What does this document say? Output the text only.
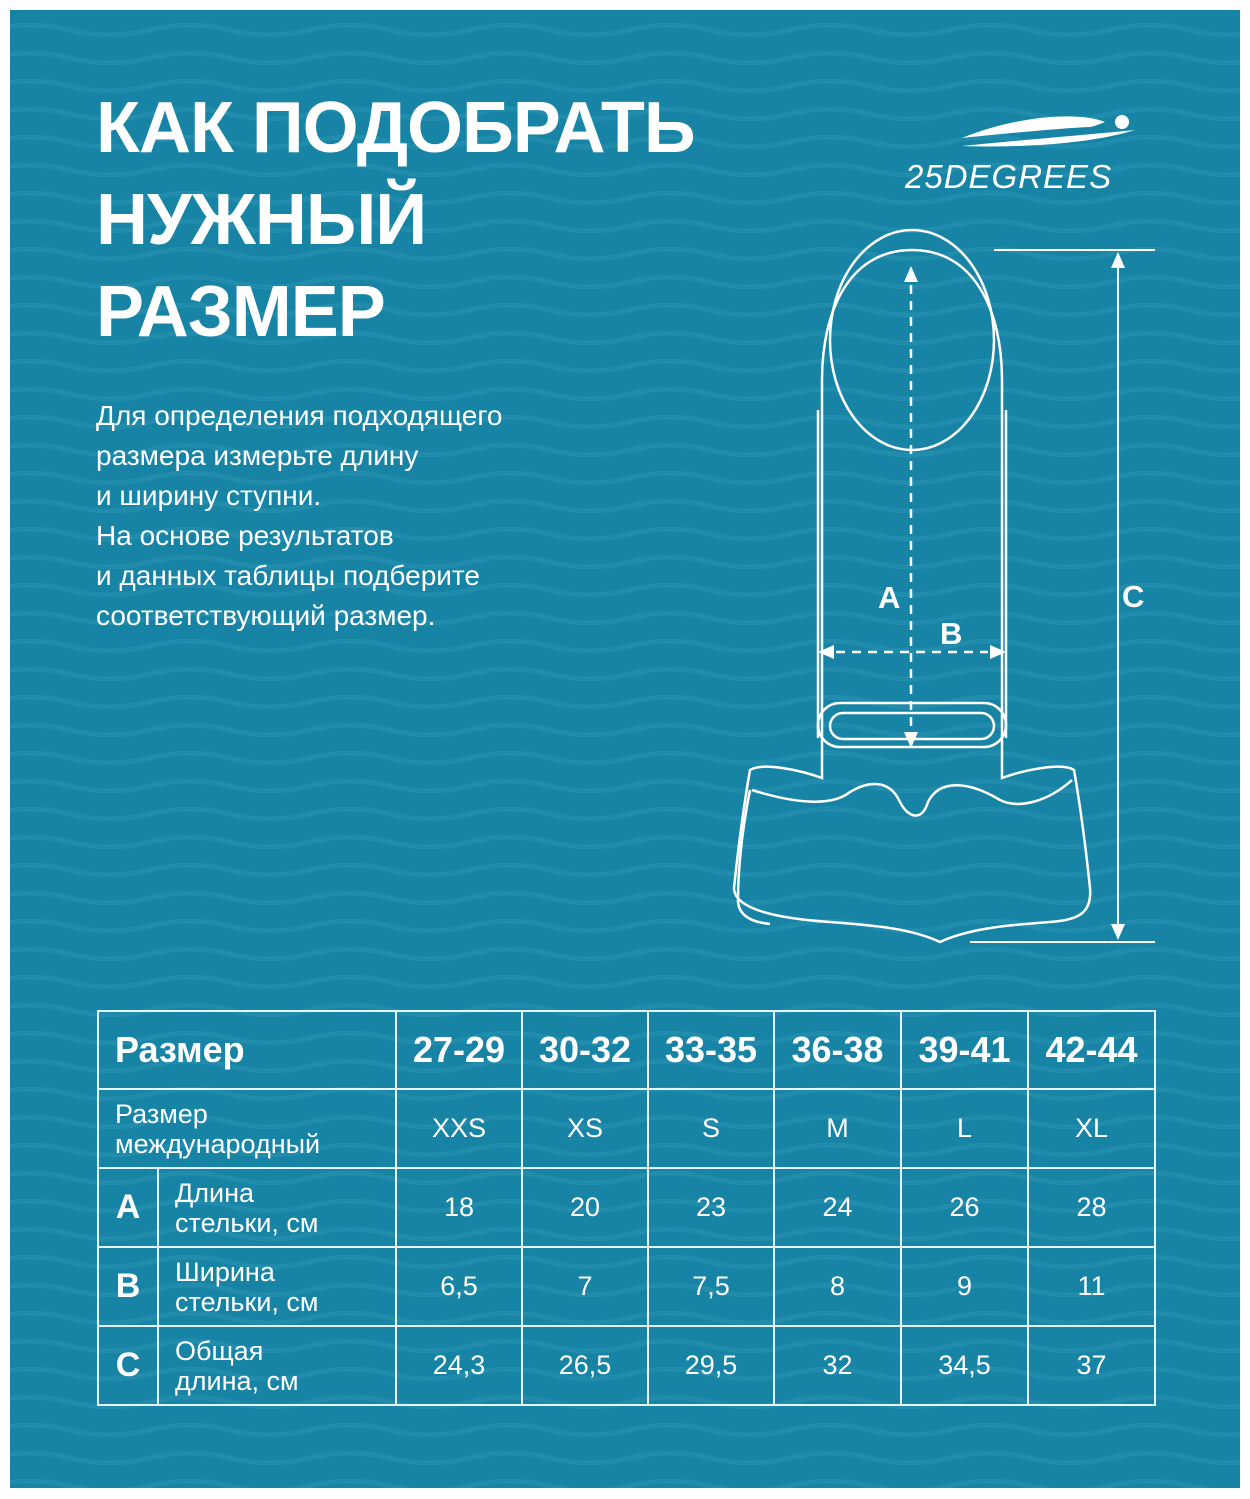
КАК ПОДОБРАТЬ
НУЖНЫЙ
РАЗМЕР

Для определения подходящего
размера измерьте длину
и ширину ступни.
На основе результатов
и данных таблицы подберите
соответствующий размер.

25DEGREES
A
B
C
Размер		27-29	30-32	33-35	36-38	39-41	42-44

Размер
международный		XXS	XS	S	M	L	XL
A	Длина
стельки, см	18	20	23	24	26	28
B	Ширина
стельки, см	6,5	7	7,5	8	9	11
C	Общая
длина, см	24,3	26,5	29,5	32	34,5	37
